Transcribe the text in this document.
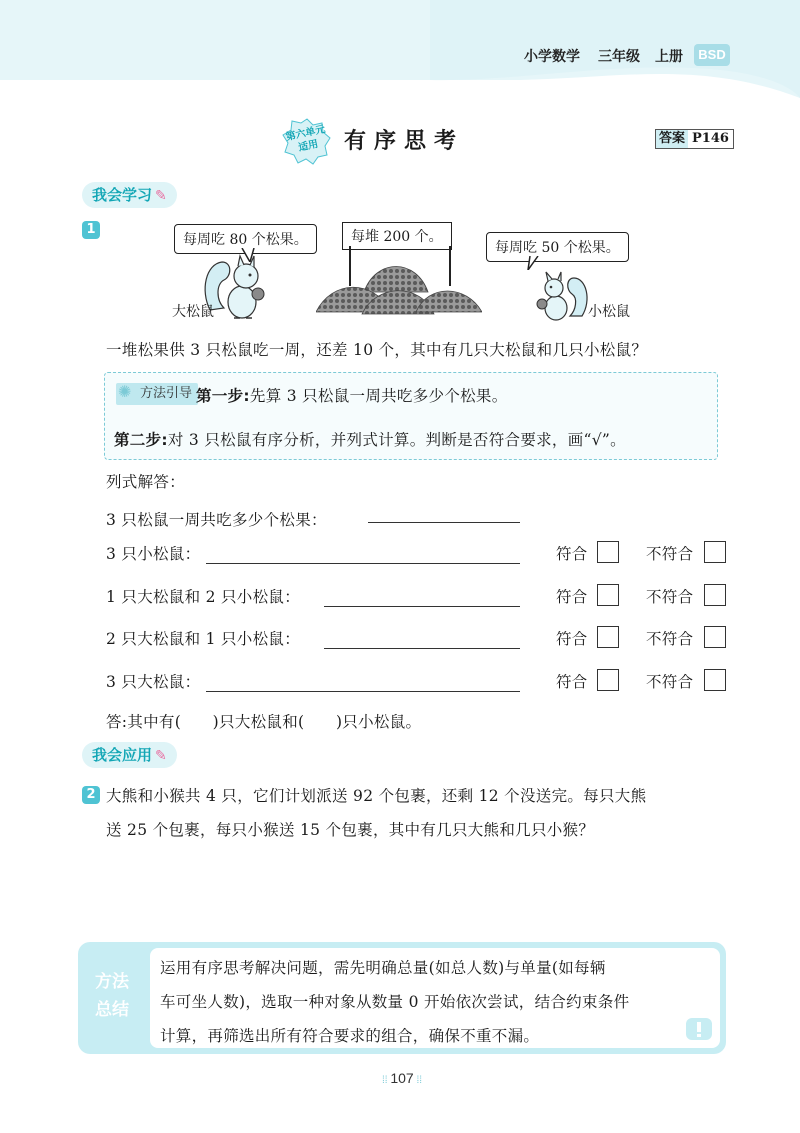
小学数学 三年级 上册	BSD
第六单元
适用	有序思考	答案 P146
我会学习 ✎
1
每周吃 80 个松果。	每堆 200 个。
每周吃 50 个松果。
大松鼠	小松鼠
一堆松果供 3 只松鼠吃一周，还差 10 个，其中有几只大松鼠和几只小松鼠？
方法引导
✺	第一步:先算 3 只松鼠一周共吃多少个松果。
第二步:对 3 只松鼠有序分析，并列式计算。判断是否符合要求，画“√”。
列式解答：
3 只松鼠一周共吃多少个松果：
3 只小松鼠：	符合	不符合
1 只大松鼠和 2 只小松鼠：	符合	不符合
2 只大松鼠和 1 只小松鼠：	符合	不符合
3 只大松鼠：	符合	不符合
答:其中有(　　)只大松鼠和(　　)只小松鼠。
我会应用 ✎
2 大熊和小猴共 4 只，它们计划派送 92 个包裹，还剩 12 个没送完。每只大熊
送 25 个包裹，每只小猴送 15 个包裹，其中有几只大熊和几只小猴？
方法
总结
运用有序思考解决问题，需先明确总量(如总人数)与单量(如每辆
车可坐人数)，选取一种对象从数量 0 开始依次尝试，结合约束条件
计算，再筛选出所有符合要求的组合，确保不重不漏。
⁞⁞ 107 ⁞⁞
